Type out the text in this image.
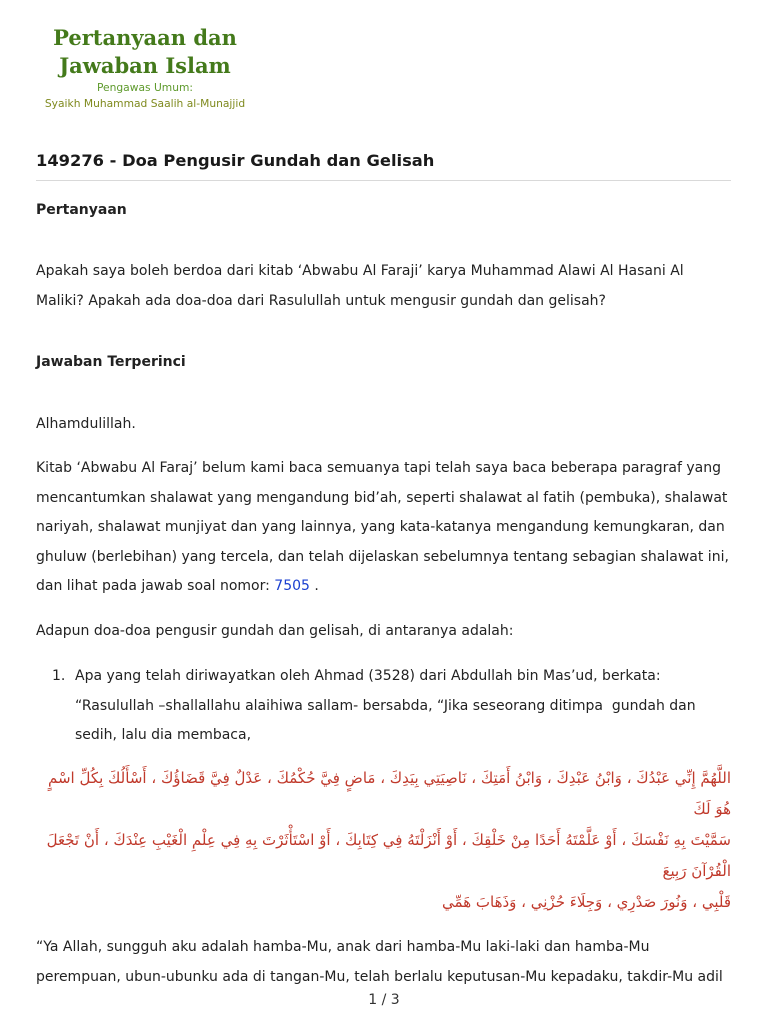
Pertanyaan dan
Jawaban Islam
Pengawas Umum:
Syaikh Muhammad Saalih al-Munajjid
149276 - Doa Pengusir Gundah dan Gelisah
Pertanyaan
Apakah saya boleh berdoa dari kitab ‘Abwabu Al Faraji’ karya Muhammad Alawi Al Hasani Al
Maliki? Apakah ada doa-doa dari Rasulullah untuk mengusir gundah dan gelisah?
Jawaban Terperinci
Alhamdulillah.
Kitab ‘Abwabu Al Faraj’ belum kami baca semuanya tapi telah saya baca beberapa paragraf yang
mencantumkan shalawat yang mengandung bid’ah, seperti shalawat al fatih (pembuka), shalawat
nariyah, shalawat munjiyat dan yang lainnya, yang kata-katanya mengandung kemungkaran, dan
ghuluw (berlebihan) yang tercela, dan telah dijelaskan sebelumnya tentang sebagian shalawat ini,
dan lihat pada jawab soal nomor: 7505 .
Adapun doa-doa pengusir gundah dan gelisah, di antaranya adalah:
1. Apa yang telah diriwayatkan oleh Ahmad (3528) dari Abdullah bin Mas’ud, berkata:
“Rasulullah –shallallahu alaihiwa sallam- bersabda, “Jika seseorang ditimpa  gundah dan
sedih, lalu dia membaca,
اللَّهُمَّ إِنِّي عَبْدُكَ ، وَابْنُ عَبْدِكَ ، وَابْنُ أَمَتِكَ ، نَاصِيَتِي بِيَدِكَ ، مَاضٍ فِيَّ حُكْمُكَ ، عَدْلٌ فِيَّ قَضَاؤُكَ ، أَسْأَلُكَ بِكُلِّ اسْمٍ هُوَ لَكَ
سَمَّيْتَ بِهِ نَفْسَكَ ، أَوْ عَلَّمْتَهُ أَحَدًا مِنْ خَلْقِكَ ، أَوْ أَنْزَلْتَهُ فِي كِتَابِكَ ، أَوْ اسْتَأْثَرْتَ بِهِ فِي عِلْمِ الْغَيْبِ عِنْدَكَ ، أَنْ تَجْعَلَ الْقُرْآنَ رَبِيعَ
قَلْبِي ، وَنُورَ صَدْرِي ، وَجِلَاءَ حُزْنِي ، وَذَهَابَ هَمِّي
“Ya Allah, sungguh aku adalah hamba-Mu, anak dari hamba-Mu laki-laki dan hamba-Mu
perempuan, ubun-ubunku ada di tangan-Mu, telah berlalu keputusan-Mu kepadaku, takdir-Mu adil
1 / 3
